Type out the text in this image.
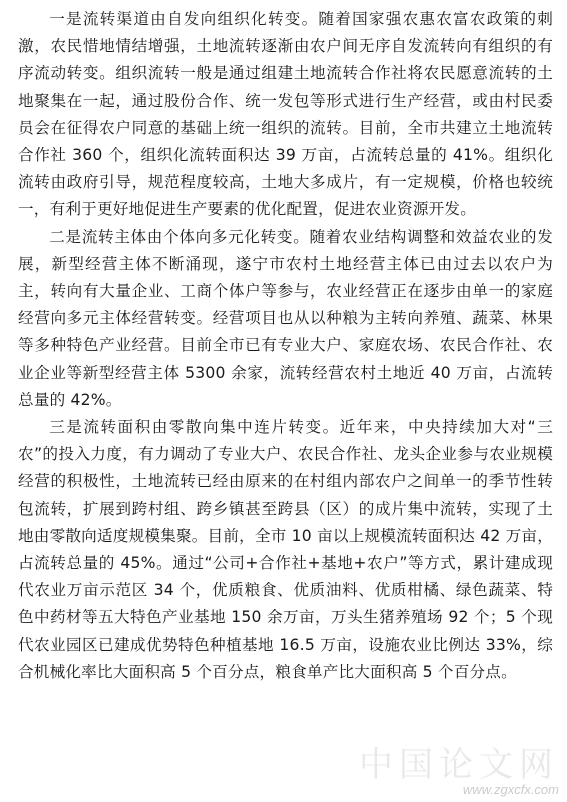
一是流转渠道由自发向组织化转变。随着国家强农惠农富农政策的刺激，农民惜地情结增强，土地流转逐渐由农户间无序自发流转向有组织的有序流动转变。组织流转一般是通过组建土地流转合作社将农民愿意流转的土地聚集在一起，通过股份合作、统一发包等形式进行生产经营，或由村民委员会在征得农户同意的基础上统一组织的流转。目前，全市共建立土地流转合作社 360 个，组织化流转面积达 39 万亩，占流转总量的 41%。组织化流转由政府引导，规范程度较高，土地大多成片，有一定规模，价格也较统一，有利于更好地促进生产要素的优化配置，促进农业资源开发。

二是流转主体由个体向多元化转变。随着农业结构调整和效益农业的发展，新型经营主体不断涌现，遂宁市农村土地经营主体已由过去以农户为主，转向有大量企业、工商个体户等参与，农业经营正在逐步由单一的家庭经营向多元主体经营转变。经营项目也从以种粮为主转向养殖、蔬菜、林果等多种特色产业经营。目前全市已有专业大户、家庭农场、农民合作社、农业企业等新型经营主体 5300 余家，流转经营农村土地近 40 万亩，占流转总量的 42%。

三是流转面积由零散向集中连片转变。近年来，中央持续加大对“三农”的投入力度，有力调动了专业大户、农民合作社、龙头企业参与农业规模经营的积极性，土地流转已经由原来的在村组内部农户之间单一的季节性转包流转，扩展到跨村组、跨乡镇甚至跨县（区）的成片集中流转，实现了土地由零散向适度规模集聚。目前，全市 10 亩以上规模流转面积达 42 万亩，占流转总量的 45%。通过“公司+合作社+基地+农户”等方式，累计建成现代农业万亩示范区 34 个，优质粮食、优质油料、优质柑橘、绿色蔬菜、特色中药材等五大特色产业基地 150 余万亩，万头生猪养殖场 92 个；5 个现代农业园区已建成优势特色种植基地 16.5 万亩，设施农业比例达 33%，综合机械化率比大面积高 5 个百分点，粮食单产比大面积高 5 个百分点。

中国论文网
www.zgxcfx.com
